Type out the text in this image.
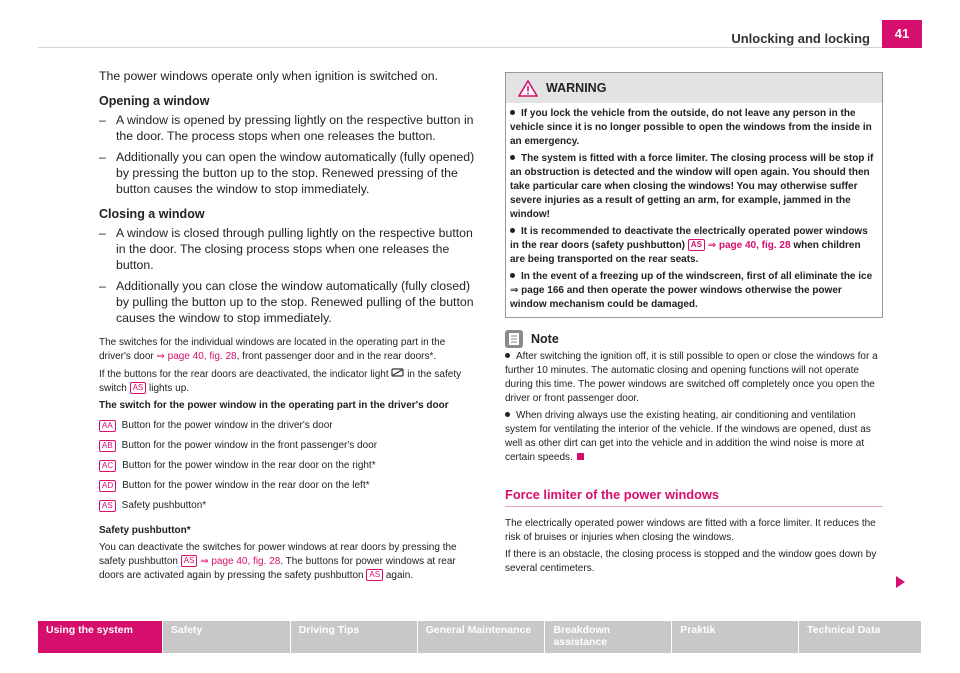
Unlocking and locking	41

The power windows operate only when ignition is switched on.

Opening a window
– A window is opened by pressing lightly on the respective button in the door. The process stops when one releases the button.
– Additionally you can open the window automatically (fully opened) by pressing the button up to the stop. Renewed pressing of the button causes the window to stop immediately.
Closing a window
– A window is closed through pulling lightly on the respective button in the door. The closing process stops when one releases the button.
– Additionally you can close the window automatically (fully closed) by pulling the button up to the stop. Renewed pulling of the button causes the window to stop immediately.

The switches for the individual windows are located in the operating part in the driver's door ⇒ page 40, fig. 28, front passenger door and in the rear doors*.

If the buttons for the rear doors are deactivated, the indicator light in the safety switch AS lights up.

The switch for the power window in the operating part in the driver's door

AA Button for the power window in the driver's door
AB Button for the power window in the front passenger's door
AC Button for the power window in the rear door on the right*
AD Button for the power window in the rear door on the left*
AS Safety pushbutton*

Safety pushbutton*

You can deactivate the switches for power windows at rear doors by pressing the safety pushbutton AS ⇒ page 40, fig. 28. The buttons for power windows at rear doors are activated again by pressing the safety pushbutton AS again.

WARNING
If you lock the vehicle from the outside, do not leave any person in the vehicle since it is no longer possible to open the windows from the inside in an emergency.
The system is fitted with a force limiter. The closing process will be stop if an obstruction is detected and the window will open again. You should then take particular care when closing the windows! You may otherwise suffer severe injuries as a result of getting an arm, for example, jammed in the window!
It is recommended to deactivate the electrically operated power windows in the rear doors (safety pushbutton) AS ⇒ page 40, fig. 28 when children are being transported on the rear seats.
In the event of a freezing up of the windscreen, first of all eliminate the ice ⇒ page 166 and then operate the power windows otherwise the power window mechanism could be damaged.
Note

After switching the ignition off, it is still possible to open or close the windows for a further 10 minutes. The automatic closing and opening functions will not operate during this time. The power windows are switched off completely once you open the driver or front passenger door.

When driving always use the existing heating, air conditioning and ventilation system for ventilating the interior of the vehicle. If the windows are opened, dust as well as other dirt can get into the vehicle and in addition the wind noise is more at certain speeds.

Force limiter of the power windows

The electrically operated power windows are fitted with a force limiter. It reduces the risk of bruises or injuries when closing the windows.

If there is an obstacle, the closing process is stopped and the window goes down by several centimeters.

Using the system	Safety	Driving Tips	General Maintenance	Breakdown assistance
Praktik	Technical Data
